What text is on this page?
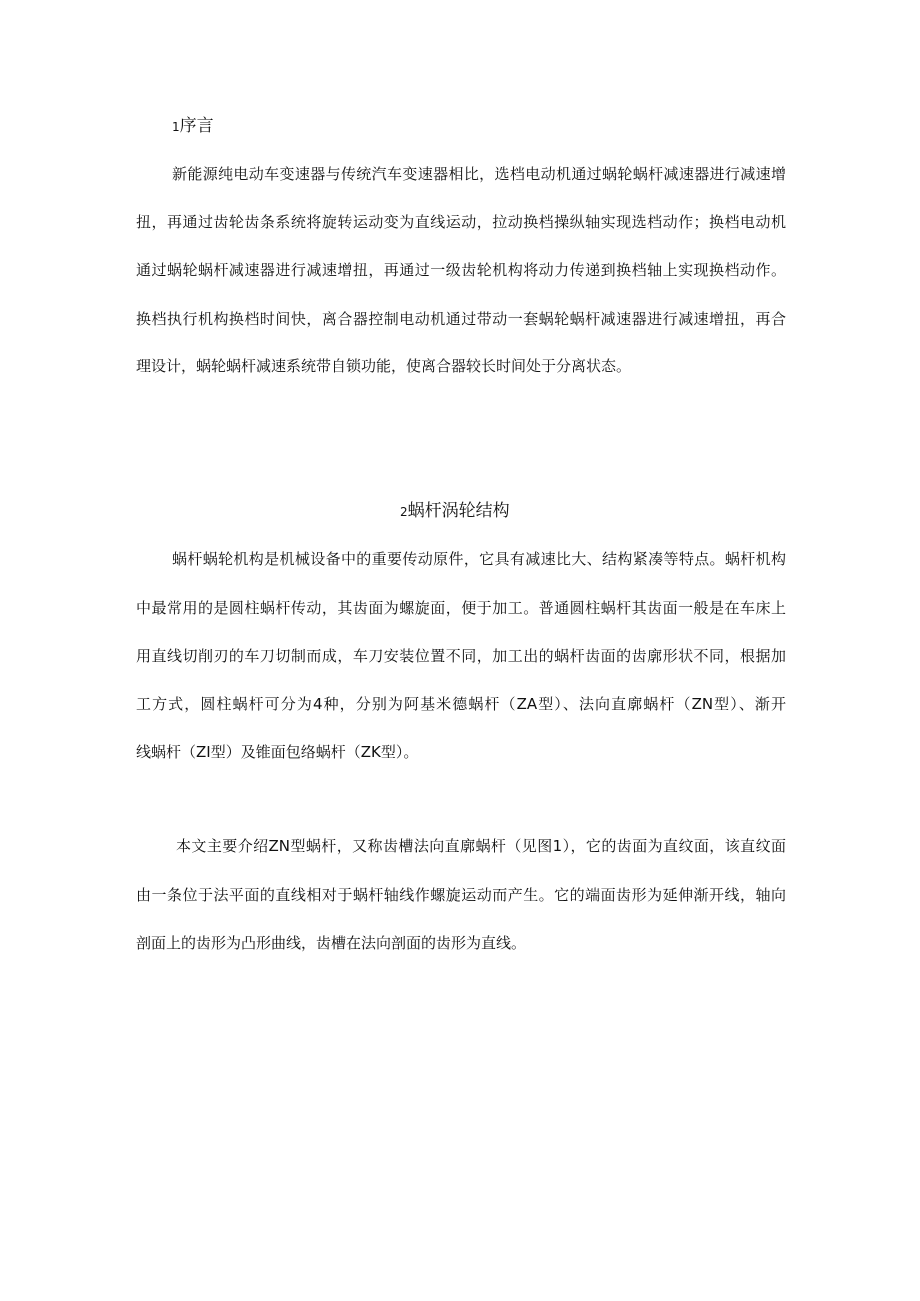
1序言
新能源纯电动车变速器与传统汽车变速器相比，选档电动机通过蜗轮蜗杆减速器进行减速增
扭，再通过齿轮齿条系统将旋转运动变为直线运动，拉动换档操纵轴实现选档动作；换档电动机
通过蜗轮蜗杆减速器进行减速增扭，再通过一级齿轮机构将动力传递到换档轴上实现换档动作。
换档执行机构换档时间快，离合器控制电动机通过带动一套蜗轮蜗杆减速器进行减速增扭，再合
理设计，蜗轮蜗杆减速系统带自锁功能，使离合器较长时间处于分离状态。
2蜗杆涡轮结构
蜗杆蜗轮机构是机械设备中的重要传动原件，它具有减速比大、结构紧凑等特点。蜗杆机构
中最常用的是圆柱蜗杆传动，其齿面为螺旋面，便于加工。普通圆柱蜗杆其齿面一般是在车床上
用直线切削刃的车刀切制而成，车刀安装位置不同，加工出的蜗杆齿面的齿廓形状不同，根据加
工方式，圆柱蜗杆可分为4种，分别为阿基米德蜗杆（ZA型）、法向直廓蜗杆（ZN型）、渐开
线蜗杆（ZI型）及锥面包络蜗杆（ZK型）。
本文主要介绍ZN型蜗杆，又称齿槽法向直廓蜗杆（见图1），它的齿面为直纹面，该直纹面
由一条位于法平面的直线相对于蜗杆轴线作螺旋运动而产生。它的端面齿形为延伸渐开线，轴向
剖面上的齿形为凸形曲线，齿槽在法向剖面的齿形为直线。
